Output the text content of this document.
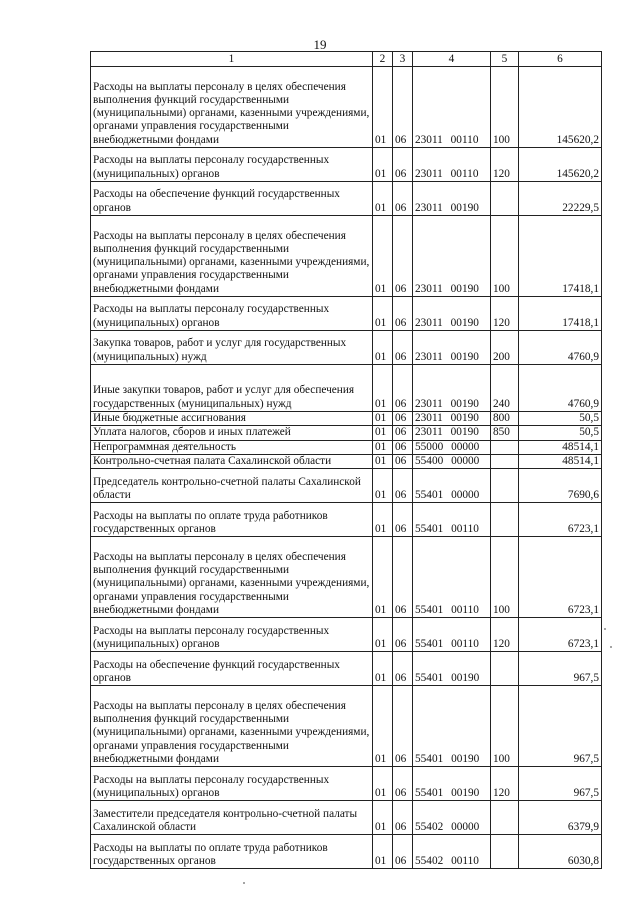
19
1	2	3	4	5	6
Расходы на выплаты персоналу в целях обеспечения выполнения функций государственными (муниципальными) органами, казенными учреждениями, органами управления государственными внебюджетными фондами	01	06	23011 00110	100	145620,2
Расходы на выплаты персоналу государственных (муниципальных) органов	01	06	23011 00110	120	145620,2
Расходы на обеспечение функций государственных органов	01	06	23011 00190		22229,5
Расходы на выплаты персоналу в целях обеспечения выполнения функций государственными (муниципальными) органами, казенными учреждениями, органами управления государственными внебюджетными фондами	01	06	23011 00190	100	17418,1
Расходы на выплаты персоналу государственных (муниципальных) органов	01	06	23011 00190	120	17418,1
Закупка товаров, работ и услуг для государственных (муниципальных) нужд	01	06	23011 00190	200	4760,9
Иные закупки товаров, работ и услуг для обеспечения государственных (муниципальных) нужд	01	06	23011 00190	240	4760,9
Иные бюджетные ассигнования	01	06	23011 00190	800	50,5
Уплата налогов, сборов и иных платежей	01	06	23011 00190	850	50,5
Непрограммная деятельность	01	06	55000 00000		48514,1
Контрольно-счетная палата Сахалинской области	01	06	55400 00000		48514,1
Председатель контрольно-счетной палаты Сахалинской области	01	06	55401 00000		7690,6
Расходы на выплаты по оплате труда работников государственных органов	01	06	55401 00110		6723,1
Расходы на выплаты персоналу в целях обеспечения выполнения функций государственными (муниципальными) органами, казенными учреждениями, органами управления государственными внебюджетными фондами	01	06	55401 00110	100	6723,1
Расходы на выплаты персоналу государственных (муниципальных) органов	01	06	55401 00110	120	6723,1
Расходы на обеспечение функций государственных органов	01	06	55401 00190		967,5
Расходы на выплаты персоналу в целях обеспечения выполнения функций государственными (муниципальными) органами, казенными учреждениями, органами управления государственными внебюджетными фондами	01	06	55401 00190	100	967,5
Расходы на выплаты персоналу государственных (муниципальных) органов	01	06	55401 00190	120	967,5
Заместители председателя контрольно-счетной палаты Сахалинской области	01	06	55402 00000		6379,9
Расходы на выплаты по оплате труда работников государственных органов	01	06	55402 00110		6030,8
